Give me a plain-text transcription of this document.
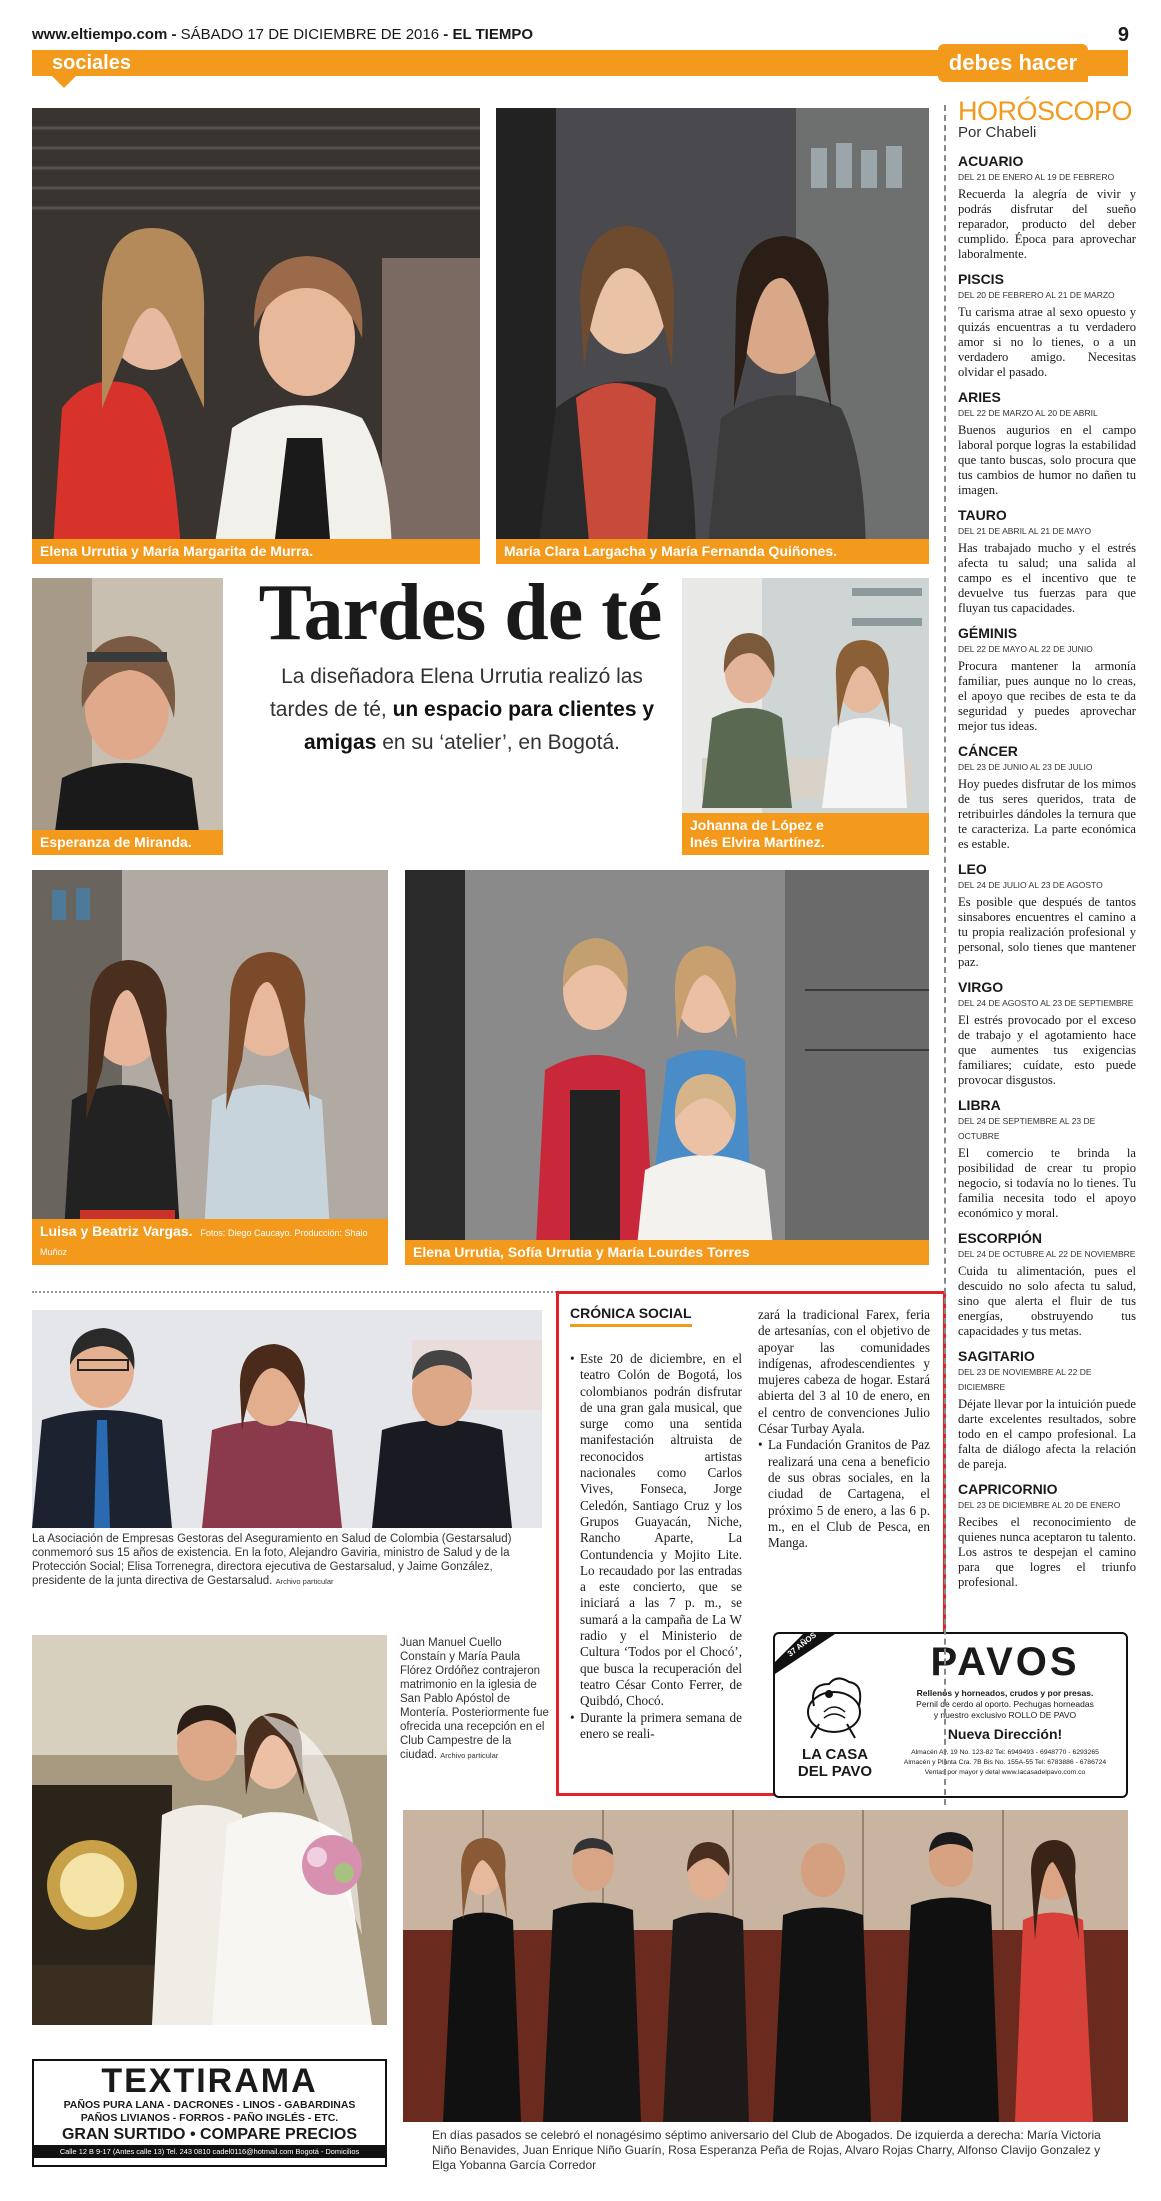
www.eltiempo.com - SÁBADO 17 DE DICIEMBRE DE 2016 - EL TIEMPO	9
sociales	debes hacer
Elena Urrutia y María Margarita de Murra.	María Clara Largacha y María Fernanda Quiñones.
Esperanza de Miranda.
Tardes de té
La diseñadora Elena Urrutia realizó las tardes de té, un espacio para clientes y amigas en su ‘atelier’, en Bogotá.
Johanna de López e
Inés Elvira Martínez.
Luisa y Beatriz Vargas. Fotos: Diego Caucayo. Producción: Shaio Muñoz	Elena Urrutia, Sofía Urrutia y María Lourdes Torres
La Asociación de Empresas Gestoras del Aseguramiento en Salud de Colombia (Gestarsalud) conmemoró sus 15 años de existencia. En la foto, Alejandro Gaviria, ministro de Salud y de la Protección Social; Elisa Torrenegra, directora ejecutiva de Gestarsalud, y Jaime González, presidente de la junta directiva de Gestarsalud. Archivo particular
Juan Manuel Cuello Constaín y María Paula Flórez Ordóñez contrajeron matrimonio en la iglesia de San Pablo Apóstol de Montería. Posteriormente fue ofrecida una recepción en el Club Campestre de la ciudad. Archivo particular
CRÓNICA SOCIAL

• Este 20 de diciembre, en el teatro Colón de Bogotá, los colombianos podrán disfrutar de una gran gala musical, que surge como una sentida manifestación altruista de reconocidos artistas nacionales como Carlos Vives, Fonseca, Jorge Celedón, Santiago Cruz y los Grupos Guayacán, Niche, Rancho Aparte, La Contundencia y Mojito Lite. Lo recaudado por las entradas a este concierto, que se iniciará a las 7 p. m., se sumará a la campaña de La W radio y el Ministerio de Cultura ‘Todos por el Chocó’, que busca la recuperación del teatro César Conto Ferrer, de Quibdó, Chocó.

• Durante la primera semana de enero se reali-

zará la tradicional Farex, feria de artesanías, con el objetivo de apoyar las comunidades indígenas, afrodescendientes y mujeres cabeza de hogar. Estará abierta del 3 al 10 de enero, en el centro de convenciones Julio César Turbay Ayala.

• La Fundación Granitos de Paz realizará una cena a beneficio de sus obras sociales, en la ciudad de Cartagena, el próximo 5 de enero, a las 6 p. m., en el Club de Pesca, en Manga.

37 AÑOS
LA CASA
DEL PAVO
PAVOS
Rellenos y horneados, crudos y por presas.
Pernil de cerdo al oporto. Pechugas horneadas
y nuestro exclusivo ROLLO DE PAVO
Nueva Dirección!
Almacén Av. 19 No. 123-82 Tel: 6949493 - 6948770 - 6293265
Almacén y Planta Cra. 7B Bis No. 155A-55 Tel: 6783886 - 6786724
Ventas por mayor y detal www.lacasadelpavo.com.co
En días pasados se celebró el nonagésimo séptimo aniversario del Club de Abogados. De izquierda a derecha: María Victoria Niño Benavides, Juan Enrique Niño Guarín, Rosa Esperanza Peña de Rojas, Alvaro Rojas Charry, Alfonso Clavijo Gonzalez y Elga Yobanna García Corredor
TEXTIRAMA
PAÑOS PURA LANA - DACRONES - LINOS - GABARDINAS
PAÑOS LIVIANOS - FORROS - PAÑO INGLÉS - ETC.
GRAN SURTIDO • COMPARE PRECIOS
Calle 12 B 9-17 (Antes calle 13) Tel. 243 0810 cadel0116@hotmail.com Bogotá - Domicilios
HORÓSCOPO
Por Chabeli
ACUARIO
DEL 21 DE ENERO AL 19 DE FEBRERO
Recuerda la alegría de vivir y podrás disfrutar del sueño reparador, producto del deber cumplido. Época para aprovechar laboralmente.
PISCIS
DEL 20 DE FEBRERO AL 21 DE MARZO
Tu carisma atrae al sexo opuesto y quizás encuentras a tu verdadero amor si no lo tienes, o a un verdadero amigo. Necesitas olvidar el pasado.
ARIES
DEL 22 DE MARZO AL 20 DE ABRIL
Buenos augurios en el campo laboral porque logras la estabilidad que tanto buscas, solo procura que tus cambios de humor no dañen tu imagen.
TAURO
DEL 21 DE ABRIL AL 21 DE MAYO
Has trabajado mucho y el estrés afecta tu salud; una salida al campo es el incentivo que te devuelve tus fuerzas para que fluyan tus capacidades.
GÉMINIS
DEL 22 DE MAYO AL 22 DE JUNIO
Procura mantener la armonía familiar, pues aunque no lo creas, el apoyo que recibes de esta te da seguridad y puedes aprovechar mejor tus ideas.
CÁNCER
DEL 23 DE JUNIO AL 23 DE JULIO
Hoy puedes disfrutar de los mimos de tus seres queridos, trata de retribuirles dándoles la ternura que te caracteriza. La parte económica es estable.
LEO
DEL 24 DE JULIO AL 23 DE AGOSTO
Es posible que después de tantos sinsabores encuentres el camino a tu propia realización profesional y personal, solo tienes que mantener paz.
VIRGO
DEL 24 DE AGOSTO AL 23 DE SEPTIEMBRE
El estrés provocado por el exceso de trabajo y el agotamiento hace que aumentes tus exigencias familiares; cuídate, esto puede provocar disgustos.
LIBRA
DEL 24 DE SEPTIEMBRE AL 23 DE OCTUBRE
El comercio te brinda la posibilidad de crear tu propio negocio, si todavía no lo tienes. Tu familia necesita todo el apoyo económico y moral.
ESCORPIÓN
DEL 24 DE OCTUBRE AL 22 DE NOVIEMBRE
Cuida tu alimentación, pues el descuido no solo afecta tu salud, sino que alerta el fluir de tus energías, obstruyendo tus capacidades y tus metas.
SAGITARIO
DEL 23 DE NOVIEMBRE AL 22 DE DICIEMBRE
Déjate llevar por la intuición puede darte excelentes resultados, sobre todo en el campo profesional. La falta de diálogo afecta la relación de pareja.
CAPRICORNIO
DEL 23 DE DICIEMBRE AL 20 DE ENERO
Recibes el reconocimiento de quienes nunca aceptaron tu talento. Los astros te despejan el camino para que logres el triunfo profesional.
